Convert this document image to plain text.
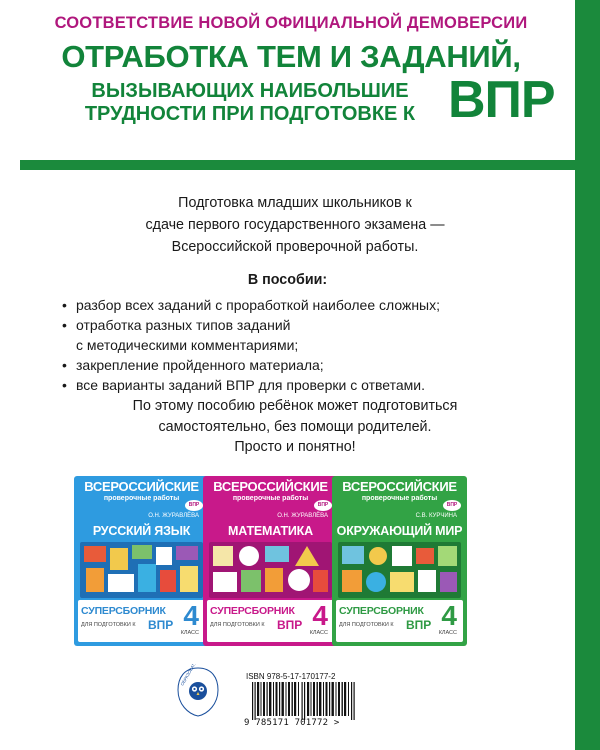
СООТВЕТСТВИЕ НОВОЙ ОФИЦИАЛЬНОЙ ДЕМОВЕРСИИ
ОТРАБОТКА ТЕМ И ЗАДАНИЙ,
ВЫЗЫВАЮЩИХ НАИБОЛЬШИЕ
ТРУДНОСТИ ПРИ ПОДГОТОВКЕ К ВПР
Подготовка младших школьников к
сдаче первого государственного экзамена —
Всероссийской проверочной работы.
В пособии:
• разбор всех заданий с проработкой наиболее сложных;
• отработка разных типов заданий
с методическими комментариями;
• закрепление пройденного материала;
• все варианты заданий ВПР для проверки с ответами.
По этому пособию ребёнок может подготовиться
самостоятельно, без помощи родителей.
Просто и понятно!
ВСЕРОССИЙСКИЕ
проверочные работы
ВПР
О.Н. ЖУРАВЛЁВА
РУССКИЙ ЯЗЫК
СУПЕРСБОРНИК
ДЛЯ ПОДГОТОВКИ К ВПР 4
КЛАСС
ВСЕРОССИЙСКИЕ
проверочные работы
ВПР
О.Н. ЖУРАВЛЁВА
МАТЕМАТИКА
СУПЕРСБОРНИК
ДЛЯ ПОДГОТОВКИ К ВПР 4
КЛАСС
ВСЕРОССИЙСКИЕ
проверочные работы
ВПР
С.В. КУРЧИНА
ОКРУЖАЮЩИЙ МИР
СУПЕРСБОРНИК
ДЛЯ ПОДГОТОВКИ К ВПР 4
КЛАСС
ISBN 978-5-17-170177-2
9 785171 701772 >
